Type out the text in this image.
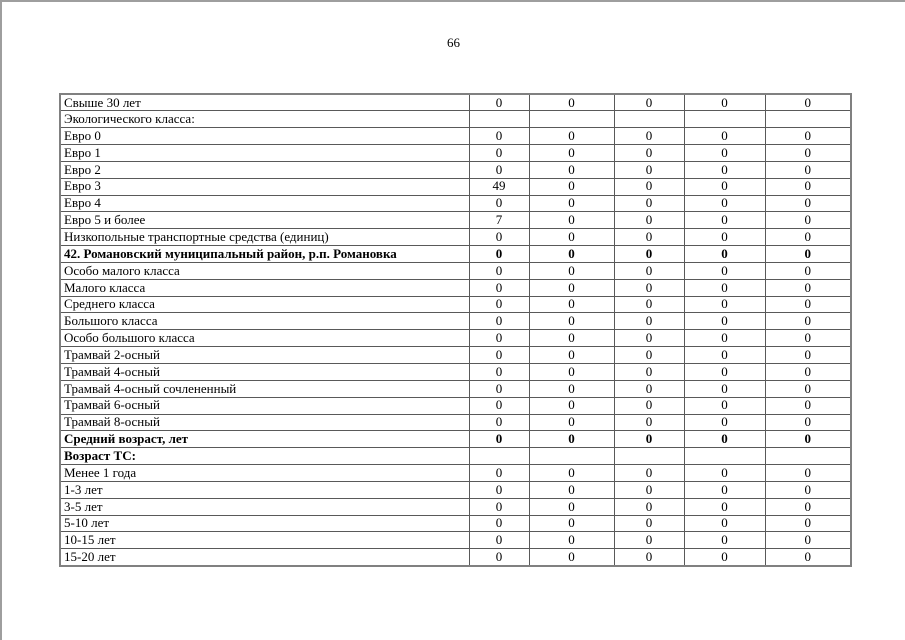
66
Свыше 30 лет	0	0	0	0	0
Экологического класса:					
Евро 0	0	0	0	0	0
Евро 1	0	0	0	0	0
Евро 2	0	0	0	0	0
Евро 3	49	0	0	0	0
Евро 4	0	0	0	0	0
Евро 5 и более	7	0	0	0	0
Низкопольные транспортные средства (единиц)	0	0	0	0	0
42. Романовский муниципальный район, р.п. Романовка	0	0	0	0	0
Особо малого класса	0	0	0	0	0
Малого класса	0	0	0	0	0
Среднего класса	0	0	0	0	0
Большого класса	0	0	0	0	0
Особо большого класса	0	0	0	0	0
Трамвай 2-осный	0	0	0	0	0
Трамвай 4-осный	0	0	0	0	0
Трамвай 4-осный сочлененный	0	0	0	0	0
Трамвай 6-осный	0	0	0	0	0
Трамвай 8-осный	0	0	0	0	0
Средний возраст, лет	0	0	0	0	0
Возраст ТС:					
Менее 1 года	0	0	0	0	0
1-3 лет	0	0	0	0	0
3-5 лет	0	0	0	0	0
5-10 лет	0	0	0	0	0
10-15 лет	0	0	0	0	0
15-20 лет	0	0	0	0	0
